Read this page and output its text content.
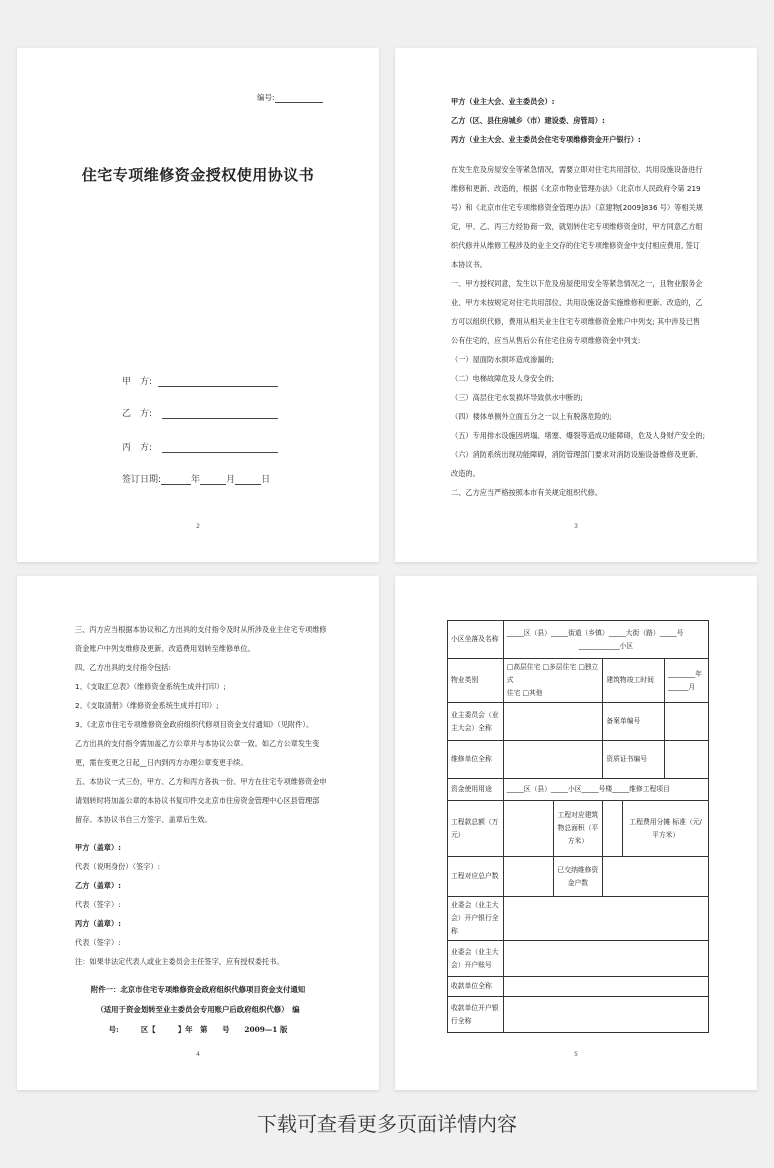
编号:
住宅专项维修资金授权使用协议书
甲　方:
乙　方:
丙　方:
签订日期:	年	月	日
2
甲方（业主大会、业主委员会）:
乙方（区、县住房城乡（市）建设委、房管局）:
丙方（业主大会、业主委员会住宅专项维修资金开户银行）:
在发生危及房屋安全等紧急情况，需要立即对住宅共用部位、共用设施设备进行
维修和更新、改造的，根据《北京市物业管理办法》（北京市人民政府令第 219
号）和《北京市住宅专项维修资金管理办法》（京建物[2009]836 号）等相关规
定，甲、乙、丙三方经协商一致，就划转住宅专项维修资金时，甲方同意乙方组
织代修并从维修工程涉及的业主交存的住宅专项维修资金中支付相应费用, 签订
本协议书。
一、甲方授权同意，发生以下危及房屋使用安全等紧急情况之一，且物业服务企
业、甲方未按规定对住宅共用部位、共用设施设备实施维修和更新、改造的，乙
方可以组织代修，费用从相关业主住宅专项维修资金账户中列支; 其中涉及已售
公有住宅的，应当从售后公有住宅住房专项维修资金中列支:
（一）屋面防水损坏造成渗漏的;
（二）电梯故障危及人身安全的;
（三）高层住宅水泵损坏导致供水中断的;
（四）楼体单侧外立面五分之一以上有脱落危险的;
（五）专用排水设施因坍塌、堵塞、爆裂等造成功能障碍，危及人身财产安全的;
（六）消防系统出现功能障碍，消防管理部门要求对消防设施设备维修及更新、
改造的。
二、乙方应当严格按照本市有关规定组织代修。
3
三、丙方应当根据本协议和乙方出具的支付指令及时从所涉及业主住宅专项维修
资金账户中列支维修及更新、改造费用划转至维修单位。
四、乙方出具的支付指令包括:
1、《支取汇总表》（维修资金系统生成并打印）;
2、《支取清册》（维修资金系统生成并打印）;
3、《北京市住宅专项维修资金政府组织代修项目资金支付通知》（见附件）。
乙方出具的支付指令需加盖乙方公章并与本协议公章一致。如乙方公章发生变
更，需在变更之日起__日内到丙方办理公章变更手续。
五、本协议一式三份，甲方、乙方和丙方各执一份。甲方在住宅专项维修资金申
请划转时将加盖公章的本协议书复印件交北京市住房资金管理中心区县管理部
留存。本协议书自三方签字、盖章后生效。
甲方（盖章）:
代表（说明身份）（签字）:
乙方（盖章）:
代表（签字）:
丙方（盖章）:
代表（签字）:
注：如果非法定代表人或业主委员会主任签字，应有授权委托书。
附件一：北京市住宅专项维修资金政府组织代修项目资金支付通知
（适用于资金划转至业主委员会专用账户后政府组织代修）　编
号:　　　区【　　　】年　第　　号　　2009—1 版
4
小区坐落及名称	_____区（县）_____街道（乡镇）_____大街（路）_____号
____________小区				

物业类别	□高层住宅 □多层住宅 □独立式
住宅 □其他		建筑物竣工时间		________年______月
业主委员会（业主大会）全称			备案单编号		
维修单位全称			资质证书编号		
资金使用用途	_____区（县）_____小区_____号楼_____维修工程项目				
工程款总额（万元）		工程对应建筑物总面积（平方米）		工程费用分摊 标准（元/平方米）	
工程对应总户数		已交纳维修资金户数			
业委会（业主大会）开户银行全称					
业委会（业主大会）开户账号					
收款单位全称					
收款单位开户银行全称					
5
下载可查看更多页面详情内容
